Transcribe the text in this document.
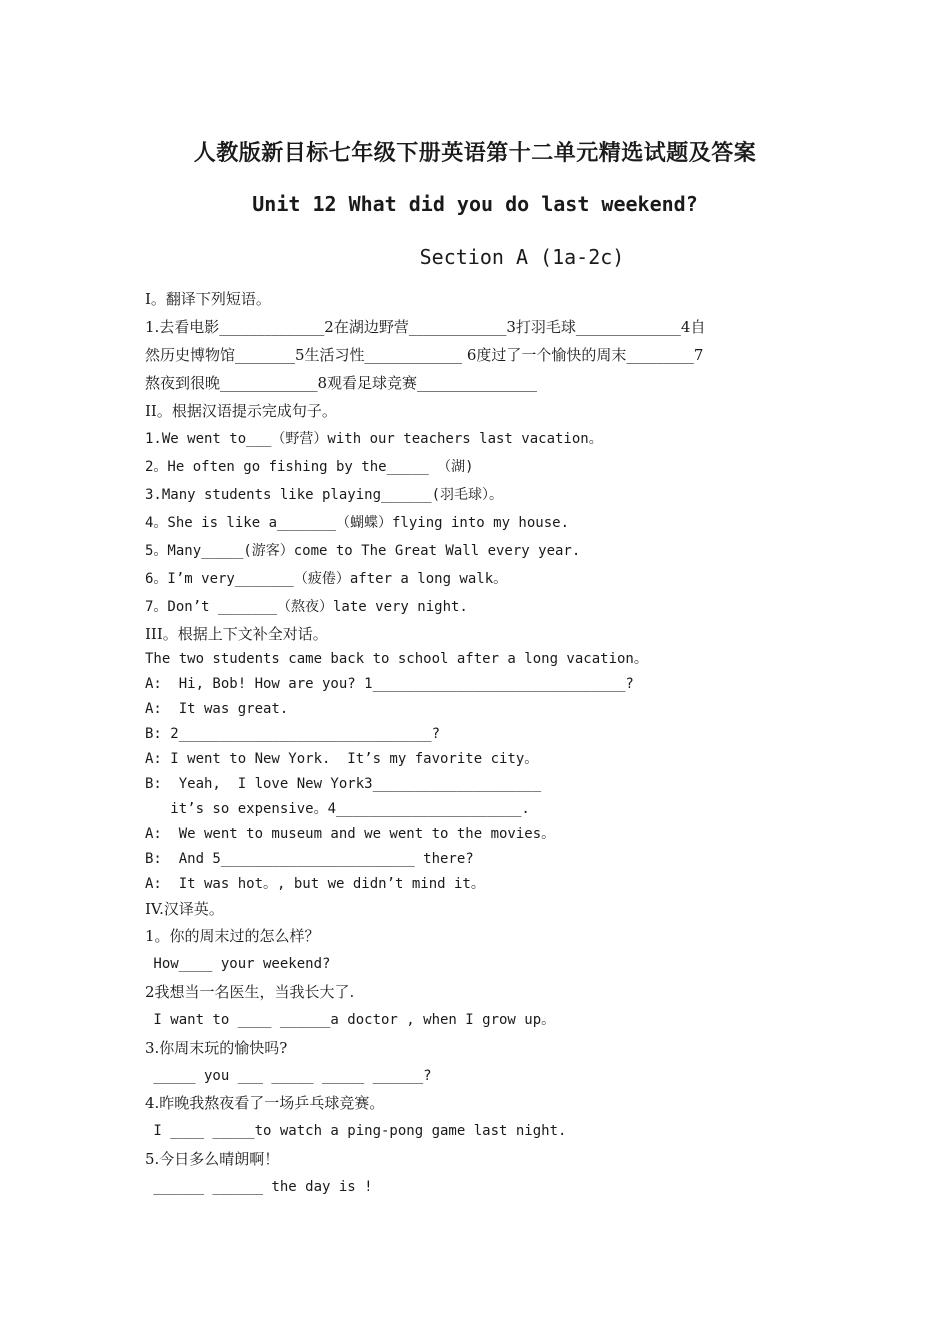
人教版新目标七年级下册英语第十二单元精选试题及答案
Unit 12 What did you do last weekend?
Section A (1a-2c)
I。翻译下列短语。
1.去看电影______________2在湖边野营_____________3打羽毛球______________4自
然历史博物馆________5生活习性_____________ 6度过了一个愉快的周末_________7
熬夜到很晚_____________8观看足球竞赛________________
II。根据汉语提示完成句子。
1.We went to___（野营）with our teachers last vacation。
2。He often go fishing by the_____ （湖)
3.Many students like playing______(羽毛球）。
4。She is like a_______（蝴蝶）flying into my house.
5。Many_____(游客）come to The Great Wall every year.
6。I’m very_______（疲倦）after a long walk。
7。Don’t _______（熬夜）late very night.
III。根据上下文补全对话。
The two students came back to school after a long vacation。
A:  Hi, Bob! How are you? 1______________________________?
A:  It was great.
B: 2______________________________?
A: I went to New York.  It’s my favorite city。
B:  Yeah,  I love New York3____________________
it’s so expensive。4______________________.
A:  We went to museum and we went to the movies。
B:  And 5_______________________ there?
A:  It was hot。, but we didn’t mind it。
IV.汉译英。
1。你的周末过的怎么样？
How____ your weekend?
2我想当一名医生，当我长大了.
I want to ____ ______a doctor , when I grow up。
3.你周末玩的愉快吗?
_____ you ___ _____ _____ ______?
4.昨晚我熬夜看了一场乒乓球竞赛。
I ____ _____to watch a ping-pong game last night.
5.今日多么晴朗啊！
______ ______ the day is !
